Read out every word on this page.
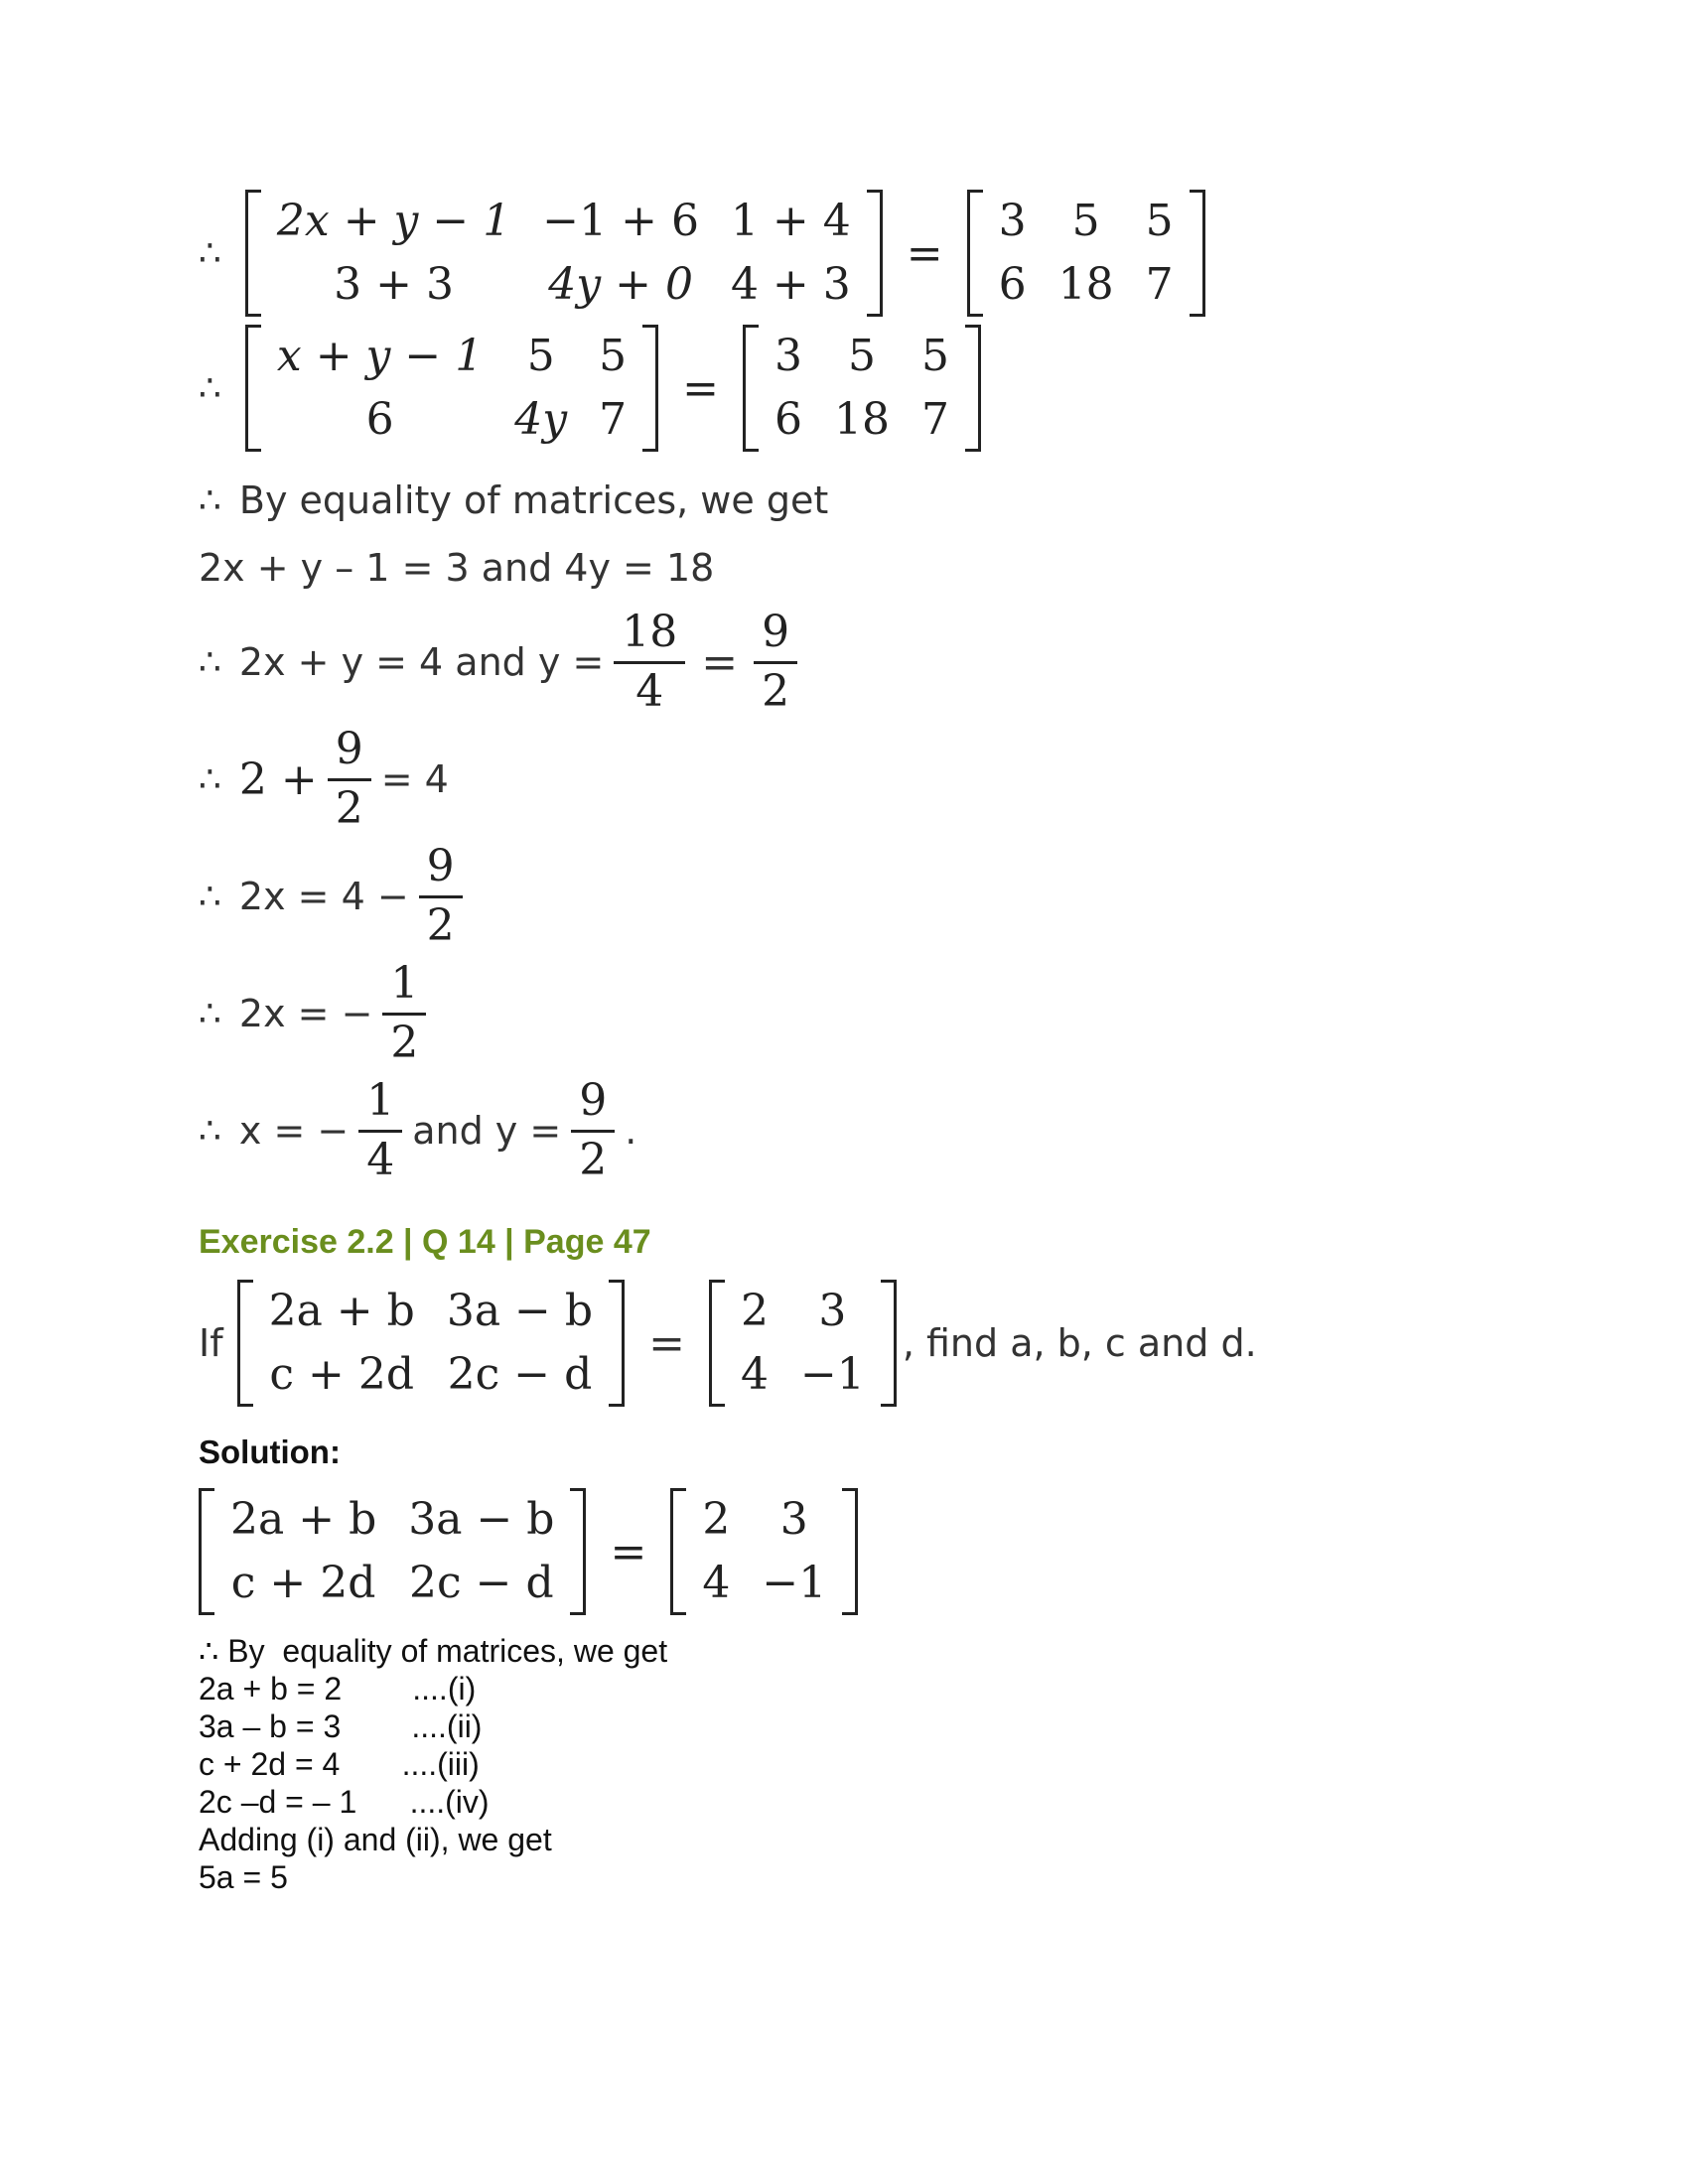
∴
2x + y − 1	−1 + 6	1 + 4
3 + 3	4y + 0	4 + 3
=
3	5	5
6	18	7
∴
x + y − 1	5	5
6	4y	7
=
3	5	5
6	18	7
∴ By equality of matrices, we get
2x + y – 1 = 3 and 4y = 18
∴ 2x + y = 4 and $y = \frac{18}{4} = \frac{9}{2}$
∴ $2 + \frac{9}{2} = 4$
∴ $2x = 4 - \frac{9}{2}$
∴ 2x = − $\frac{1}{2}$
∴ x = − $\frac{1}{4}$ and $y = \frac{9}{2}$ .
Exercise 2.2 | Q 14 | Page 47
If
2a + b	3a − b
c + 2d	2c − d
=
2	3
4	−1
, find a, b, c and d.
Solution:
2a + b	3a − b
c + 2d	2c − d
=
2	3
4	−1
∴ By  equality of matrices, we get
2a + b = 2        ....(i)
3a – b = 3        ....(ii)
c + 2d = 4       ....(iii)
2c –d = – 1      ....(iv)
Adding (i) and (ii), we get
5a = 5
